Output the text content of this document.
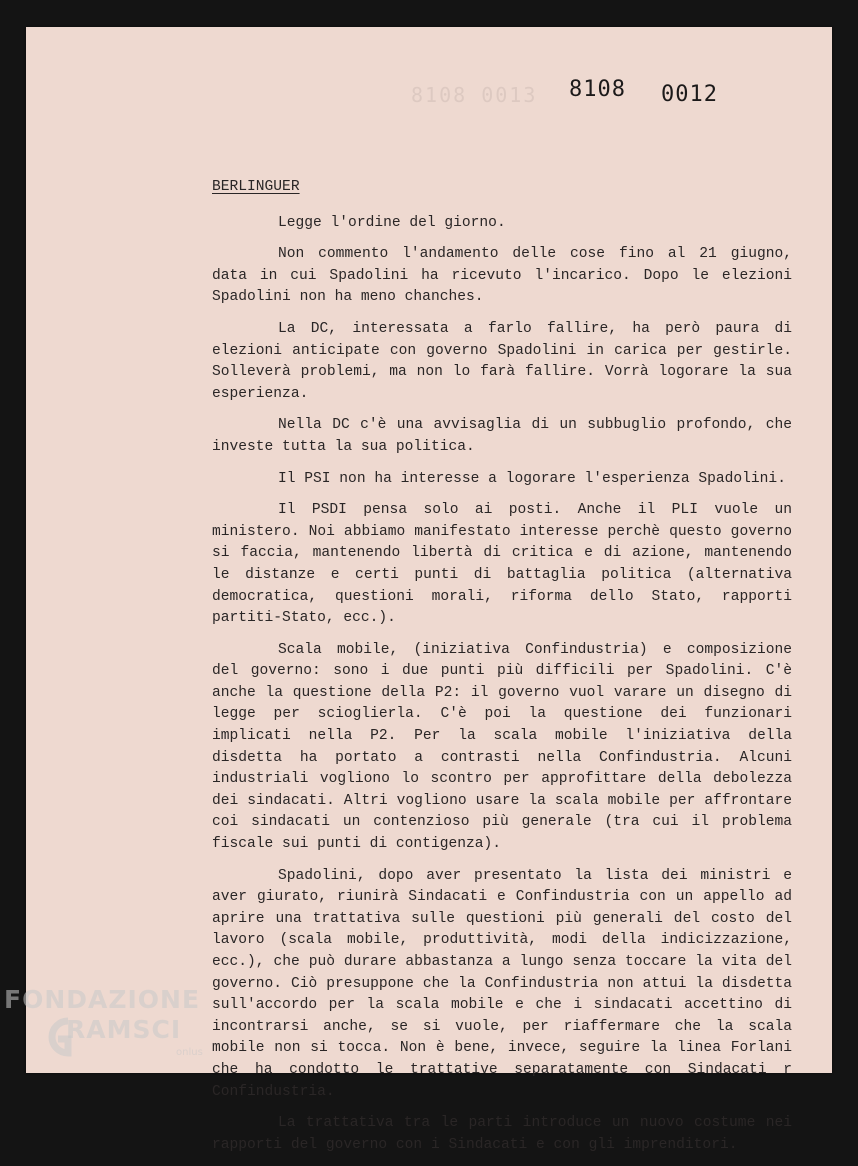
8108 0013 8108 0012
BERLINGUER

Legge l'ordine del giorno.

Non commento l'andamento delle cose fino al 21 giugno, data in cui Spadolini ha ricevuto l'incarico. Dopo le elezioni Spadolini non ha meno chanches.

La DC, interessata a farlo fallire, ha però paura di elezioni anticipate con governo Spadolini in carica per gestirle. Solleverà problemi, ma non lo farà fallire. Vorrà logorare la sua esperienza.

Nella DC c'è una avvisaglia di un subbuglio profondo, che investe tutta la sua politica.

Il PSI non ha interesse a logorare l'esperienza Spadolini.

Il PSDI pensa solo ai posti. Anche il PLI vuole un ministero. Noi abbiamo manifestato interesse perchè questo governo si faccia, mantenendo libertà di critica e di azione, mantenendo le distanze e certi punti di battaglia politica (alternativa democratica, questioni morali, riforma dello Stato, rapporti partiti-Stato, ecc.).

Scala mobile, (iniziativa Confindustria) e composizione del governo: sono i due punti più difficili per Spadolini. C'è anche la questione della P2: il governo vuol varare un disegno di legge per scioglierla. C'è poi la questione dei funzionari implicati nella P2. Per la scala mobile l'iniziativa della disdetta ha portato a contrasti nella Confindustria. Alcuni industriali vogliono lo scontro per approfittare della debolezza dei sindacati. Altri vogliono usare la scala mobile per affrontare coi sindacati un contenzioso più generale (tra cui il problema fiscale sui punti di contigenza).

Spadolini, dopo aver presentato la lista dei ministri e aver giurato, riunirà Sindacati e Confindustria con un appello ad aprire una trattativa sulle questioni più generali del costo del lavoro (scala mobile, produttività, modi della indicizzazione, ecc.), che può durare abbastanza a lungo senza toccare la vita del governo. Ciò presuppone che la Confindustria non attui la disdetta sull'accordo per la scala mobile e che i sindacati accettino di incontrarsi anche, se si vuole, per riaffermare che la scala mobile non si tocca. Non è bene, invece, seguire la linea Forlani che ha condotto le trattative separatamente con Sindacati r Confindustria.

La trattativa tra le parti introduce un nuovo costume nei rapporti del governo con i Sindacati e con gli imprenditori.

FONDAZIONE
RAMSCI
onlus
